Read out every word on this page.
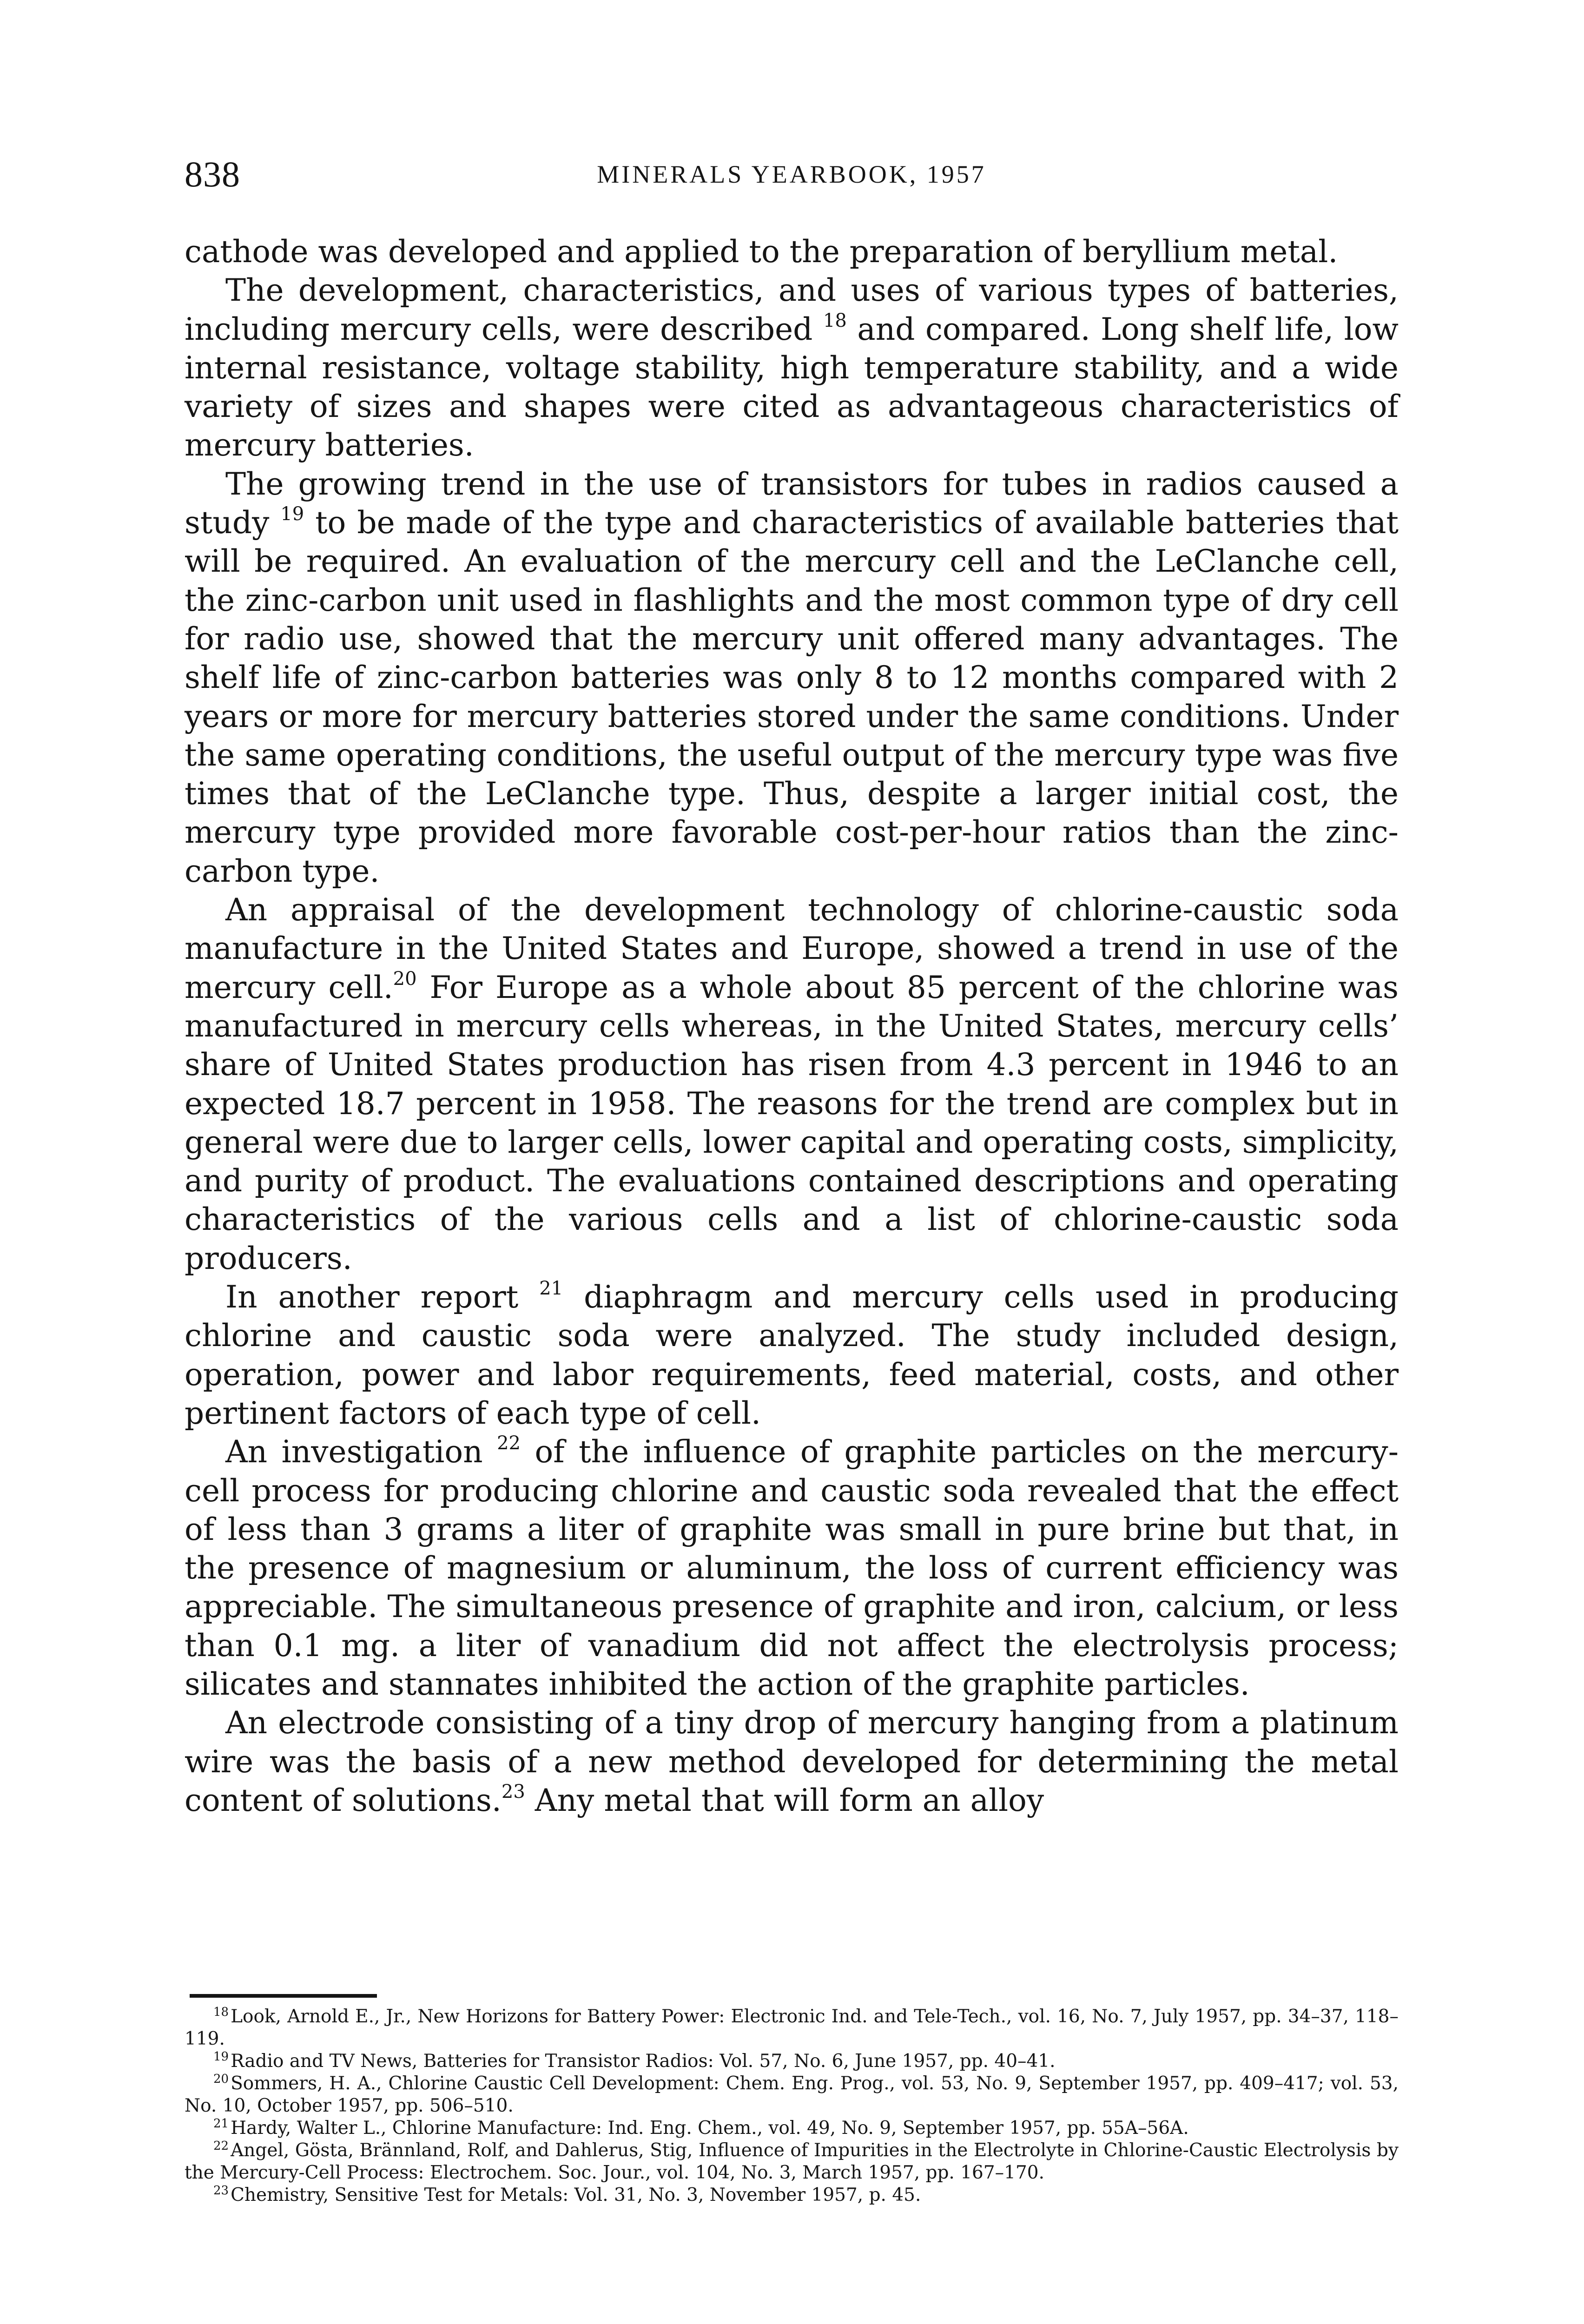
838	MINERALS YEARBOOK, 1957

cathode was developed and applied to the preparation of beryllium metal.

The development, characteristics, and uses of various types of batteries, including mercury cells, were described $^{18}$ and compared. Long shelf life, low internal resistance, voltage stability, high temperature stability, and a wide variety of sizes and shapes were cited as advantageous characteristics of mercury batteries.

The growing trend in the use of transistors for tubes in radios caused a study $^{19}$ to be made of the type and characteristics of available batteries that will be required. An evaluation of the mercury cell and the LeClanche cell, the zinc-carbon unit used in flashlights and the most common type of dry cell for radio use, showed that the mercury unit offered many advantages. The shelf life of zinc-carbon batteries was only 8 to 12 months compared with 2 years or more for mercury batteries stored under the same conditions. Under the same operating conditions, the useful output of the mercury type was five times that of the LeClanche type. Thus, despite a larger initial cost, the mercury type provided more favorable cost-per-hour ratios than the zinc-carbon type.

An appraisal of the development technology of chlorine-caustic soda manufacture in the United States and Europe, showed a trend in use of the mercury cell.$^{20}$ For Europe as a whole about 85 percent of the chlorine was manufactured in mercury cells whereas, in the United States, mercury cells’ share of United States production has risen from 4.3 percent in 1946 to an expected 18.7 percent in 1958. The reasons for the trend are complex but in general were due to larger cells, lower capital and operating costs, simplicity, and purity of product. The evaluations contained descriptions and operating characteristics of the various cells and a list of chlorine-caustic soda producers.

In another report $^{21}$ diaphragm and mercury cells used in producing chlorine and caustic soda were analyzed. The study included design, operation, power and labor requirements, feed material, costs, and other pertinent factors of each type of cell.

An investigation $^{22}$ of the influence of graphite particles on the mercury-cell process for producing chlorine and caustic soda revealed that the effect of less than 3 grams a liter of graphite was small in pure brine but that, in the presence of magnesium or aluminum, the loss of current efficiency was appreciable. The simultaneous presence of graphite and iron, calcium, or less than 0.1 mg. a liter of vanadium did not affect the electrolysis process; silicates and stannates inhibited the action of the graphite particles.

An electrode consisting of a tiny drop of mercury hanging from a platinum wire was the basis of a new method developed for determining the metal content of solutions.$^{23}$ Any metal that will form an alloy

$^{18}$ Look, Arnold E., Jr., New Horizons for Battery Power: Electronic Ind. and Tele-Tech., vol. 16, No. 7, July 1957, pp. 34–37, 118–119.

$^{19}$ Radio and TV News, Batteries for Transistor Radios: Vol. 57, No. 6, June 1957, pp. 40–41.

$^{20}$ Sommers, H. A., Chlorine Caustic Cell Development: Chem. Eng. Prog., vol. 53, No. 9, September 1957, pp. 409–417; vol. 53, No. 10, October 1957, pp. 506–510.

$^{21}$ Hardy, Walter L., Chlorine Manufacture: Ind. Eng. Chem., vol. 49, No. 9, September 1957, pp. 55A–56A.

$^{22}$ Angel, Gösta, Brännland, Rolf, and Dahlerus, Stig, Influence of Impurities in the Electrolyte in Chlorine-Caustic Electrolysis by the Mercury-Cell Process: Electrochem. Soc. Jour., vol. 104, No. 3, March 1957, pp. 167–170.

$^{23}$ Chemistry, Sensitive Test for Metals: Vol. 31, No. 3, November 1957, p. 45.
